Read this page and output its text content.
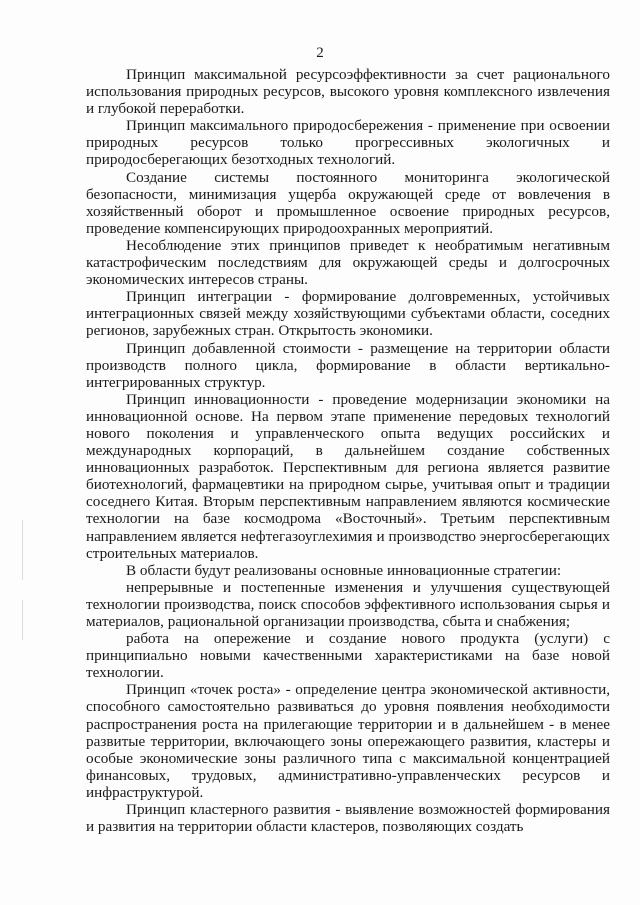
2

Принцип максимальной ресурсоэффективности за счет рационального использования природных ресурсов, высокого уровня комплексного извлечения и глубокой переработки.

Принцип максимального природосбережения - применение при освоении природных ресурсов только прогрессивных экологичных и природосберегающих безотходных технологий.

Создание системы постоянного мониторинга экологической безопасности, минимизация ущерба окружающей среде от вовлечения в хозяйственный оборот и промышленное освоение природных ресурсов, проведение компенсирующих природоохранных мероприятий.

Несоблюдение этих принципов приведет к необратимым негативным катастрофическим последствиям для окружающей среды и долгосрочных экономических интересов страны.

Принцип интеграции - формирование долговременных, устойчивых интеграционных связей между хозяйствующими субъектами области, соседних регионов, зарубежных стран. Открытость экономики.

Принцип добавленной стоимости - размещение на территории области производств полного цикла, формирование в области вертикально-интегрированных структур.

Принцип инновационности - проведение модернизации экономики на инновационной основе. На первом этапе применение передовых технологий нового поколения и управленческого опыта ведущих российских и международных корпораций, в дальнейшем создание собственных инновационных разработок. Перспективным для региона является развитие биотехнологий, фармацевтики на природном сырье, учитывая опыт и традиции соседнего Китая. Вторым перспективным направлением являются космические технологии на базе космодрома «Восточный». Третьим перспективным направлением является нефтегазоуглехимия и производство энергосберегающих строительных материалов.

В области будут реализованы основные инновационные стратегии:

непрерывные и постепенные изменения и улучшения существующей технологии производства, поиск способов эффективного использования сырья и материалов, рациональной организации производства, сбыта и снабжения;

работа на опережение и создание нового продукта (услуги) с принципиально новыми качественными характеристиками на базе новой технологии.

Принцип «точек роста» - определение центра экономической активности, способного самостоятельно развиваться до уровня появления необходимости распространения роста на прилегающие территории и в дальнейшем - в менее развитые территории, включающего зоны опережающего развития, кластеры и особые экономические зоны различного типа с максимальной концентрацией финансовых, трудовых, административно-управленческих ресурсов и инфраструктурой.

Принцип кластерного развития - выявление возможностей формирования и развития на территории области кластеров, позволяющих создать
